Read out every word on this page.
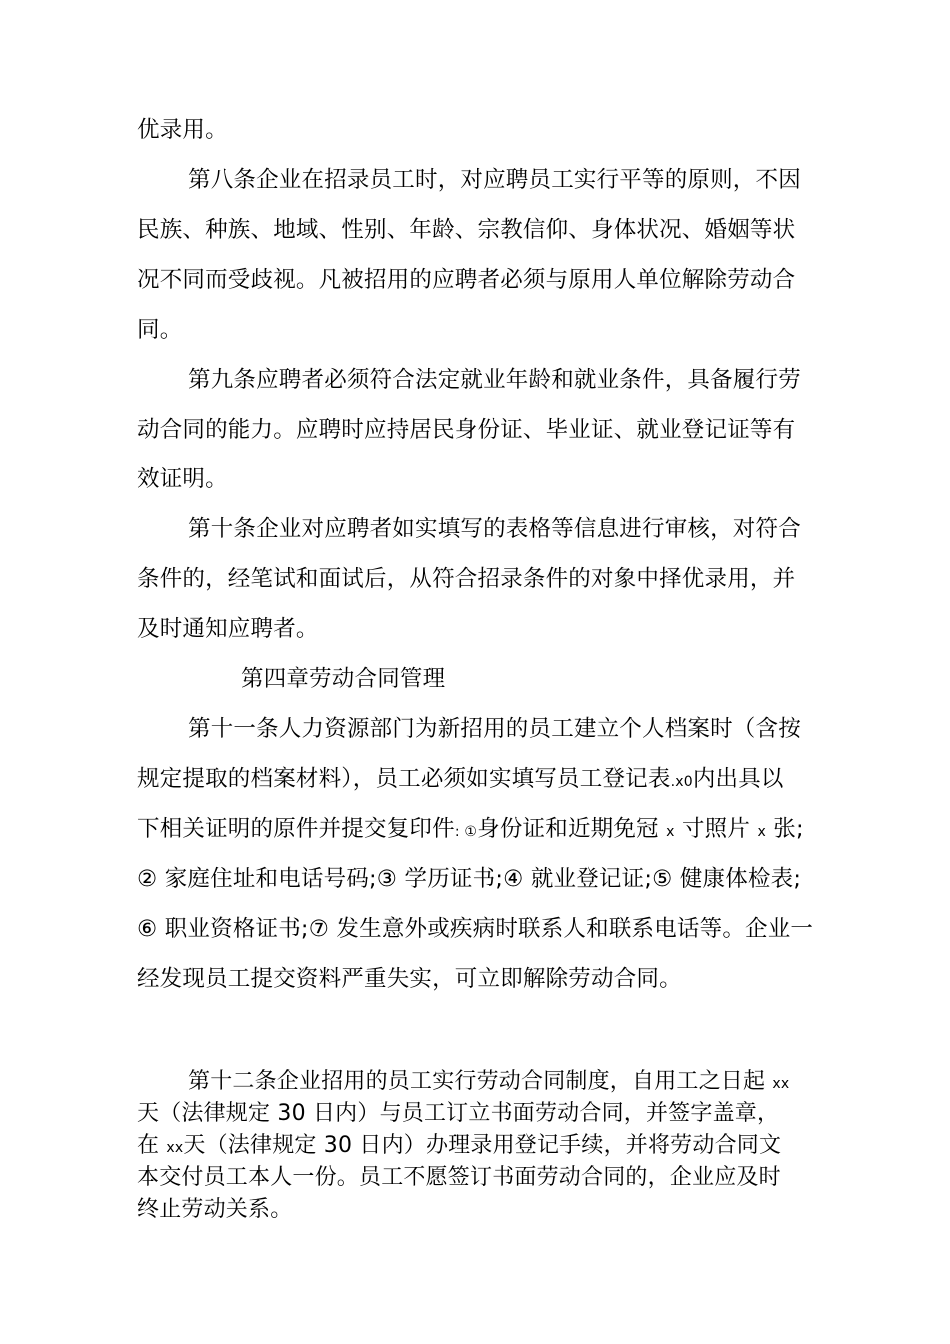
优录用。
第八条企业在招录员工时，对应聘员工实行平等的原则，不因
民族、种族、地域、性别、年龄、宗教信仰、身体状况、婚姻等状
况不同而受歧视。凡被招用的应聘者必须与原用人单位解除劳动合
同。
第九条应聘者必须符合法定就业年龄和就业条件，具备履行劳
动合同的能力。应聘时应持居民身份证、毕业证、就业登记证等有
效证明。
第十条企业对应聘者如实填写的表格等信息进行审核，对符合
条件的，经笔试和面试后，从符合招录条件的对象中择优录用，并
及时通知应聘者。
第四章劳动合同管理
第十一条人力资源部门为新招用的员工建立个人档案时（含按
规定提取的档案材料），员工必须如实填写员工登记表.x0内出具以
下相关证明的原件并提交复印件: ①身份证和近期免冠 x 寸照片 x 张;
② 家庭住址和电话号码;③ 学历证书;④ 就业登记证;⑤ 健康体检表;
⑥ 职业资格证书;⑦ 发生意外或疾病时联系人和联系电话等。企业一
经发现员工提交资料严重失实，可立即解除劳动合同。
第十二条企业招用的员工实行劳动合同制度，自用工之日起 xx
天（法律规定 30 日内）与员工订立书面劳动合同，并签字盖章，
在 xx天（法律规定 30 日内）办理录用登记手续，并将劳动合同文
本交付员工本人一份。员工不愿签订书面劳动合同的，企业应及时
终止劳动关系。
